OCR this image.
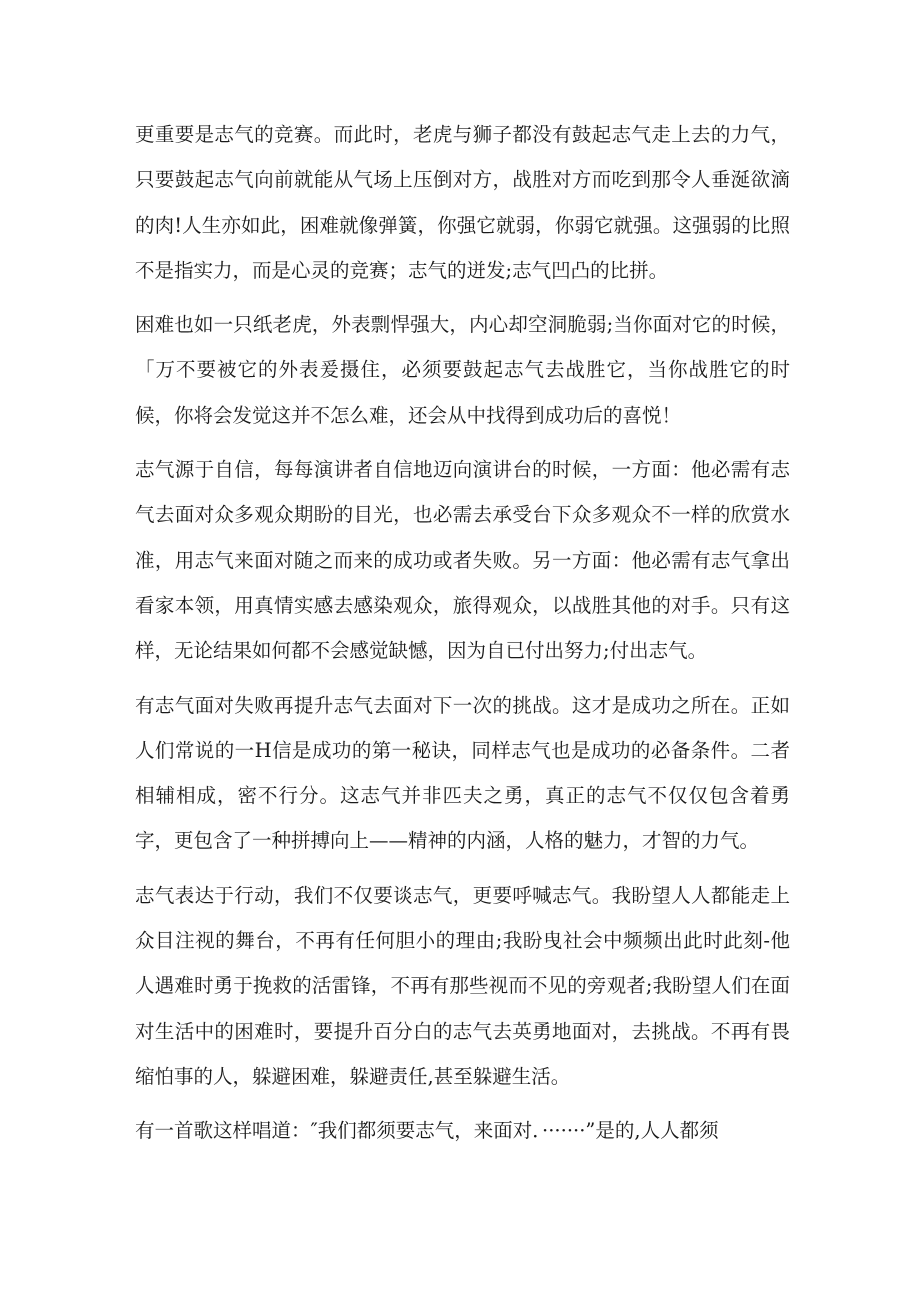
更重要是志气的竞赛。而此时，老虎与狮子都没有鼓起志气走上去的力气，只要鼓起志气向前就能从气场上压倒对方，战胜对方而吃到那令人垂涎欲滴的肉!人生亦如此，困难就像弹簧，你强它就弱，你弱它就强。这强弱的比照不是指实力，而是心灵的竞赛；志气的迸发;志气凹凸的比拼。

困难也如一只纸老虎，外表剽悍强大，内心却空洞脆弱;当你面对它的时候，「万不要被它的外表爰摄住，必须要鼓起志气去战胜它，当你战胜它的时候，你将会发觉这并不怎么难，还会从中找得到成功后的喜悦！

志气源于自信，每每演讲者自信地迈向演讲台的时候，一方面：他必需有志气去面对众多观众期盼的目光，也必需去承受台下众多观众不一样的欣赏水准，用志气来面对随之而来的成功或者失败。另一方面：他必需有志气拿出看家本领，用真情实感去感染观众，旅得观众，以战胜其他的对手。只有这样，无论结果如何都不会感觉缺憾，因为自已付出努力;付出志气。

有志气面对失败再提升志气去面对下一次的挑战。这才是成功之所在。正如人们常说的一H信是成功的第一秘诀，同样志气也是成功的必备条件。二者相辅相成，密不行分。这志气并非匹夫之勇，真正的志气不仅仅包含着勇字，更包含了一种拼搏向上——精神的内涵，人格的魅力，才智的力气。

志气表达于行动，我们不仅要谈志气，更要呼喊志气。我盼望人人都能走上众目注视的舞台，不再有任何胆小的理由;我盼曳社会中频频出此时此刻-他人遇难时勇于挽救的活雷锋，不再有那些视而不见的旁观者;我盼望人们在面对生活中的困难时，要提升百分白的志气去英勇地面对，去挑战。不再有畏缩怕事的人，躲避困难，躲避责任,甚至躲避生活。

有一首歌这样唱道：″我们都须要志气，来面对．·······”是的,人人都须
